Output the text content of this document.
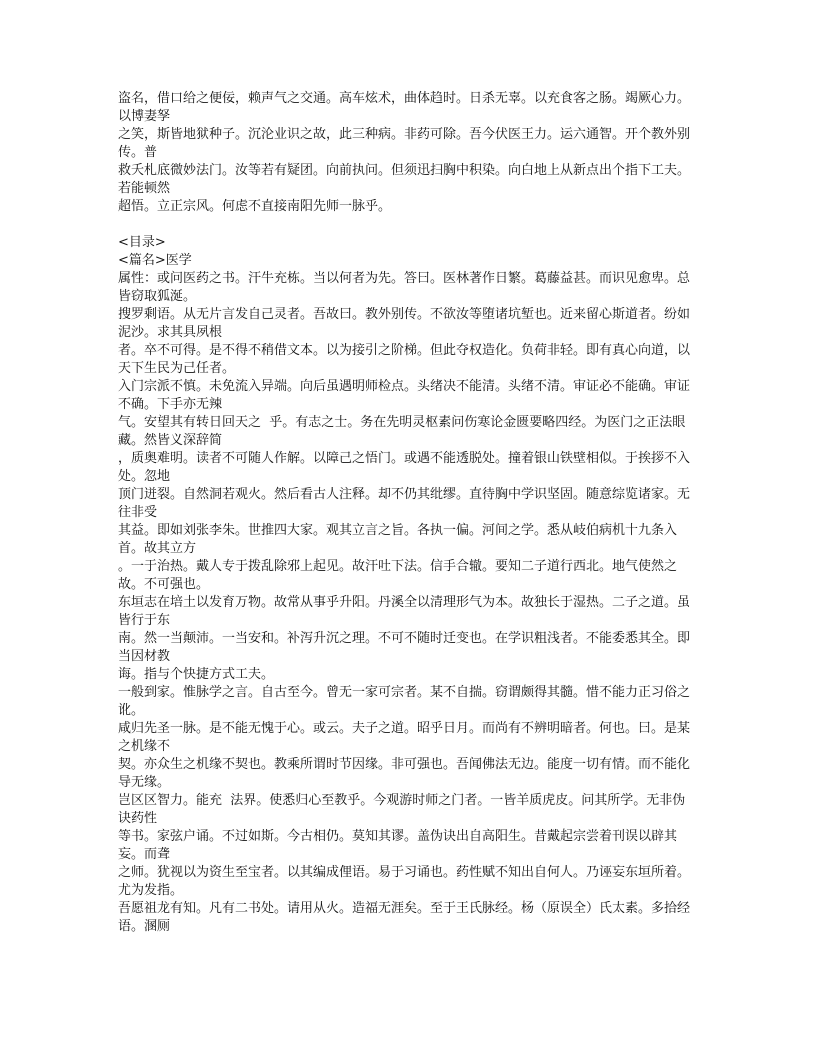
盗名，借口给之便佞，赖声气之交通。高车炫术，曲体趋时。日杀无辜。以充食客之肠。竭厥心力。以博妻孥

之笑，斯皆地狱种子。沉沦业识之故，此三种病。非药可除。吾今伏医王力。运六通智。开个教外别传。普

救夭札底微妙法门。汝等若有疑团。向前执问。但须迅扫胸中积染。向白地上从新点出个指下工夫。若能顿然

超悟。立正宗风。何虑不直接南阳先师一脉乎。

<目录>

<篇名>医学

属性：或问医药之书。汗牛充栋。当以何者为先。答曰。医林著作日繁。葛藤益甚。而识见愈卑。总皆窃取狐涎。

搜罗剩语。从无片言发自己灵者。吾故曰。教外别传。不欲汝等堕诸坑堑也。近来留心斯道者。纷如泥沙。求其具夙根

者。卒不可得。是不得不稍借文本。以为接引之阶梯。但此夺权造化。负荷非轻。即有真心向道，以天下生民为己任者。

入门宗派不慎。未免流入异端。向后虽遇明师检点。头绪决不能清。头绪不清。审证必不能确。审证不确。下手亦无辣

气。安望其有转日回天之  乎。有志之士。务在先明灵枢素问伤寒论金匮要略四经。为医门之正法眼藏。然皆义深辞简

，质奥难明。读者不可随人作解。以障己之悟门。或遇不能透脱处。撞着银山铁壁相似。于挨拶不入处。忽地

顶门迸裂。自然洞若观火。然后看古人注释。却不仍其纰缪。直待胸中学识坚固。随意综览诸家。无往非受

其益。即如刘张李朱。世推四大家。观其立言之旨。各执一偏。河间之学。悉从岐伯病机十九条入首。故其立方

。一于治热。戴人专于拨乱除邪上起见。故汗吐下法。信手合辙。要知二子道行西北。地气使然之故。不可强也。

东垣志在培土以发育万物。故常从事乎升阳。丹溪全以清理形气为本。故独长于湿热。二子之道。虽皆行于东

南。然一当颠沛。一当安和。补泻升沉之理。不可不随时迁变也。在学识粗浅者。不能委悉其全。即当因材教

诲。指与个快捷方式工夫。

一般到家。惟脉学之言。自古至今。曾无一家可宗者。某不自揣。窃谓颇得其髓。惜不能力正习俗之讹。

咸归先圣一脉。是不能无愧于心。或云。夫子之道。昭乎日月。而尚有不辨明暗者。何也。曰。是某之机缘不

契。亦众生之机缘不契也。教乘所谓时节因缘。非可强也。吾闻佛法无边。能度一切有情。而不能化导无缘。

岂区区智力。能充  法界。使悉归心至教乎。今观游时师之门者。一皆羊质虎皮。问其所学。无非伪诀药性

等书。家弦户诵。不过如斯。今古相仍。莫知其谬。盖伪诀出自高阳生。昔戴起宗尝着刊误以辟其妄。而聋

之师。犹视以为资生至宝者。以其编成俚语。易于习诵也。药性赋不知出自何人。乃诬妄东垣所着。尤为发指。

吾愿祖龙有知。凡有二书处。请用从火。造福无涯矣。至于王氏脉经。杨（原误全）氏太素。多拾经语。溷厕
